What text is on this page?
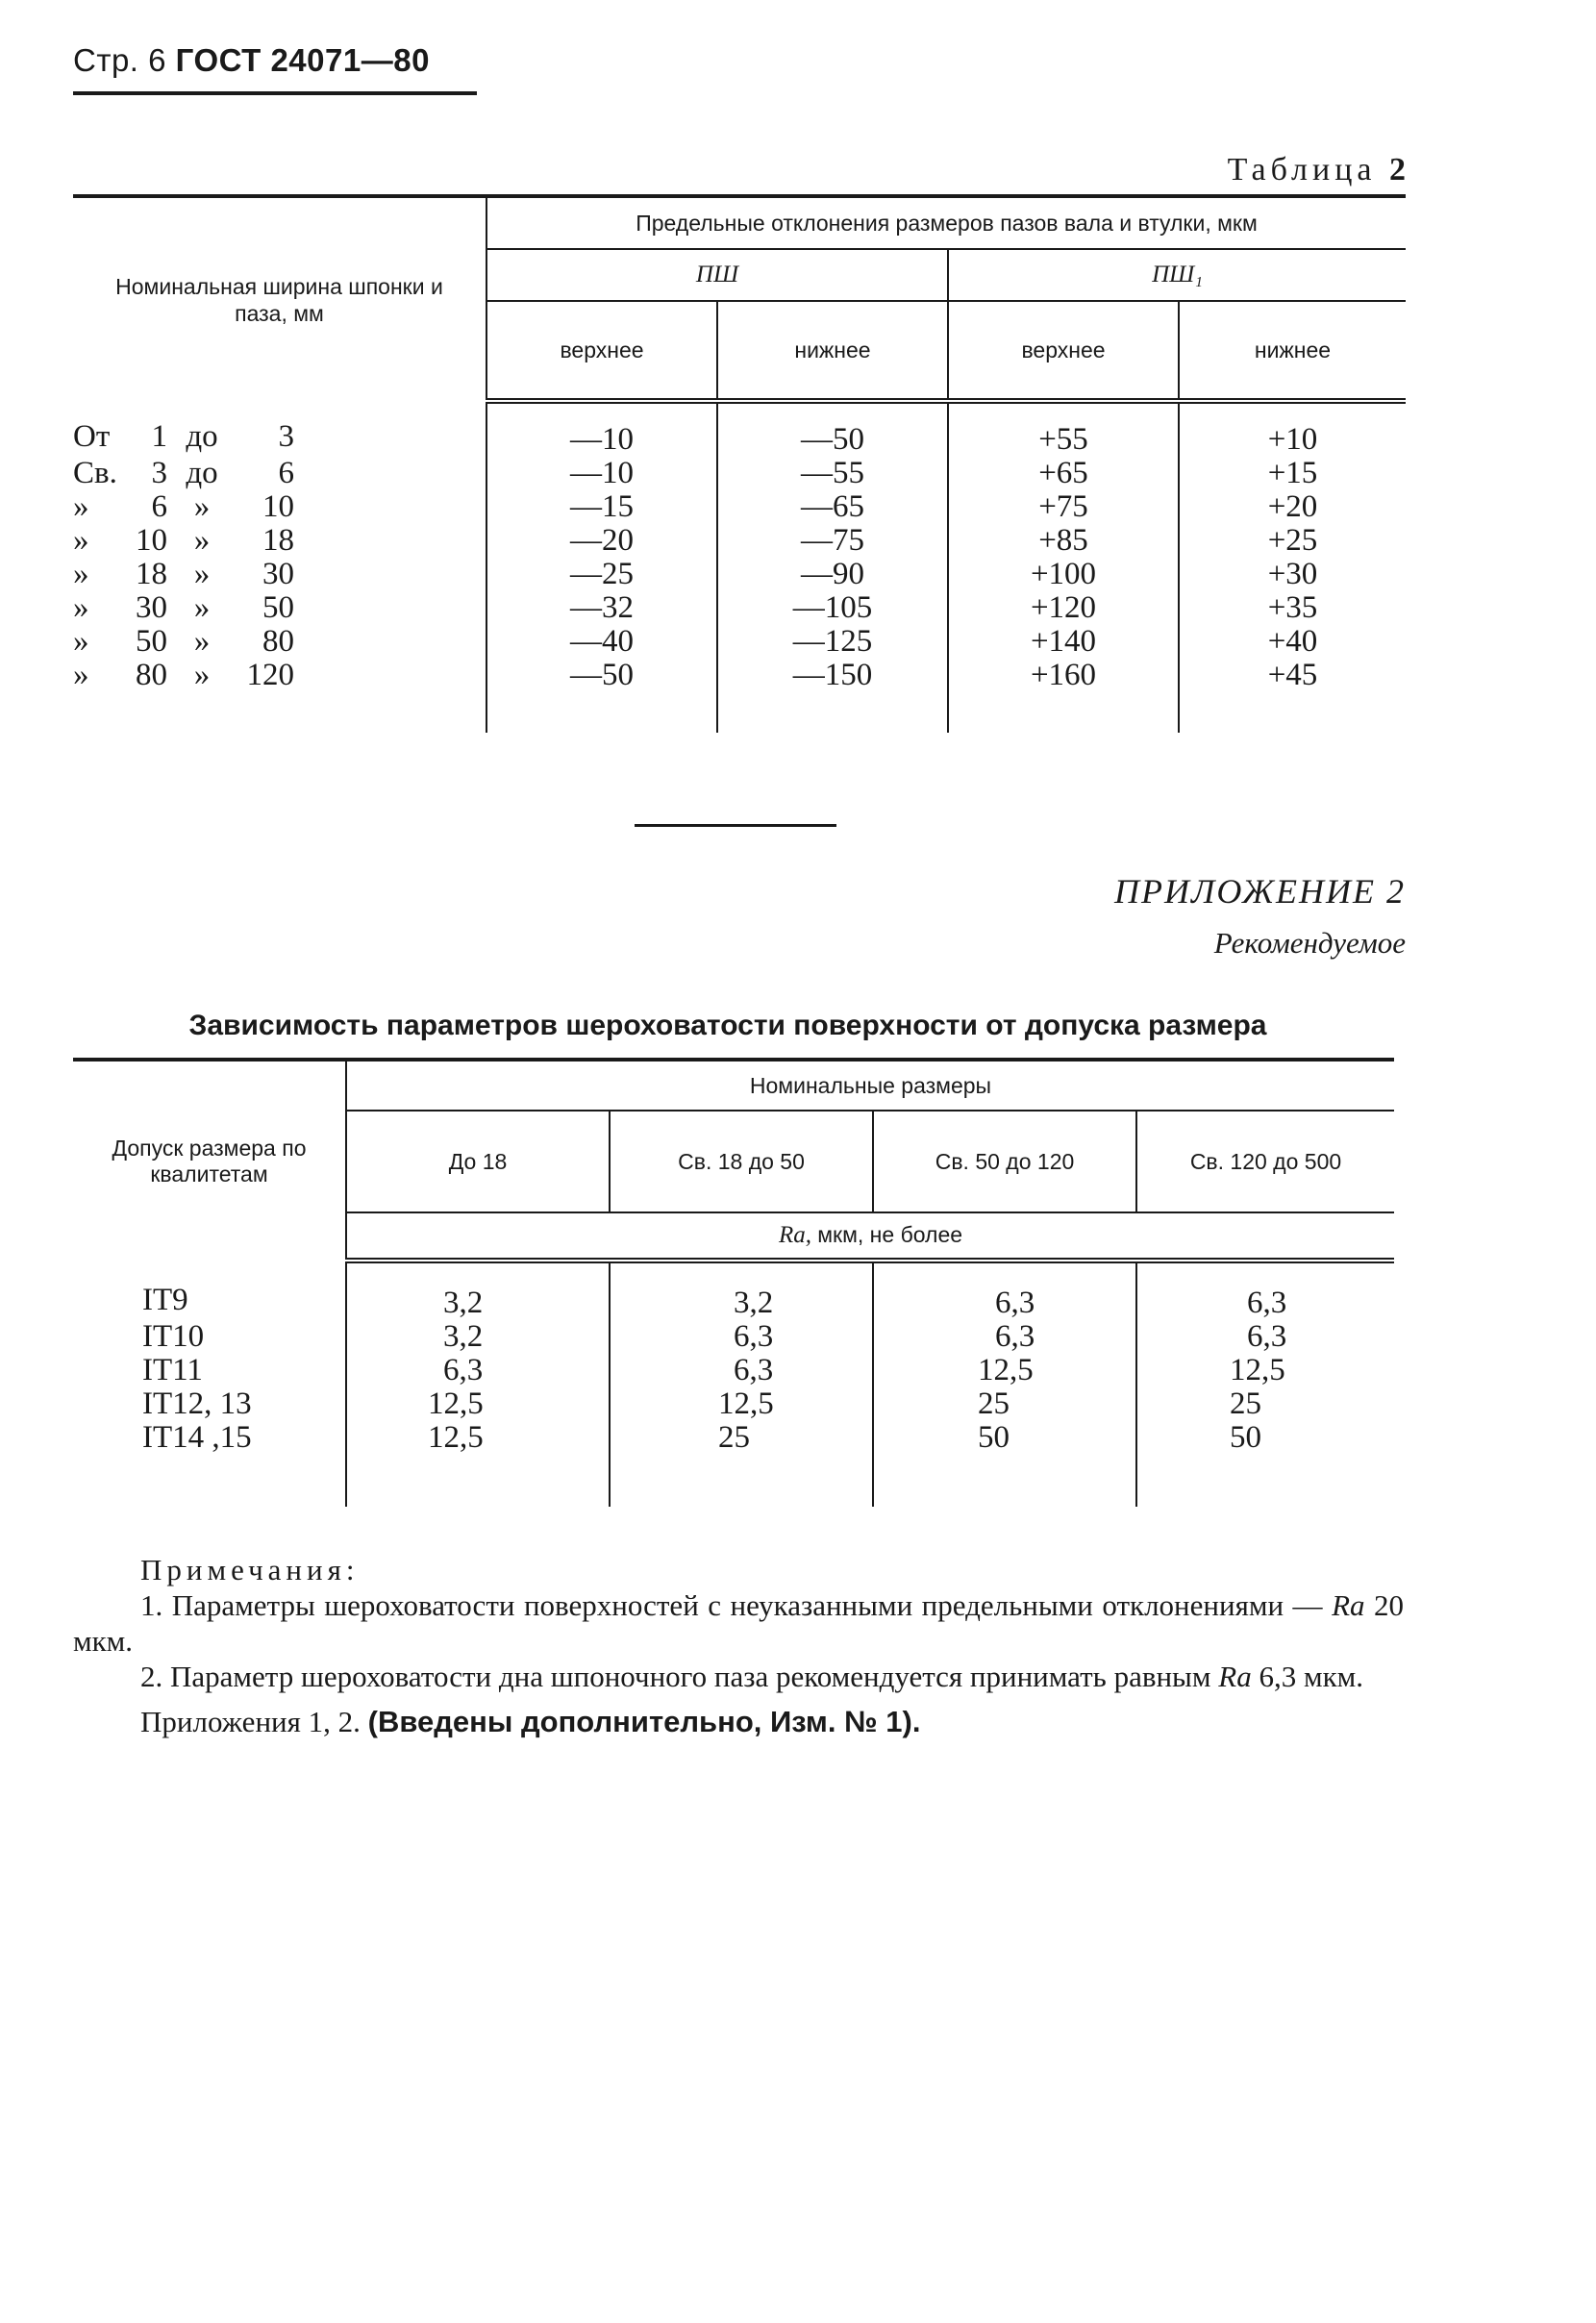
Стр. 6 ГОСТ 24071—80
Таблица 2
Номинальная ширина шпонки и паза, мм	Предельные отклонения размеров пазов вала и втулки, мкм			
	ПШ		ПШ₁	
	верхнее	нижнее	верхнее	нижнее

От 1 до 3	—10	—50	+55	+10

Св. 3 до 6	—10	—55	+65	+15

» 6 » 10	—15	—65	+75	+20

» 10 » 18	—20	—75	+85	+25

» 18 » 30	—25	—90	+100	+30

» 30 » 50	—32	—105	+120	+35

» 50 » 80	—40	—125	+140	+40

» 80 » 120	—50	—150	+160	+45
ПРИЛОЖЕНИЕ 2
Рекомендуемое
Зависимость параметров шероховатости поверхности от допуска размера
Допуск размера по квалитетам	Номинальные размеры			
	До 18	Св. 18 до 50	Св. 50 до 120	Св. 120 до 500
	Ra, мкм, не более			
IT9	3,2	3,2	6,3	6,3
IT10	3,2	6,3	6,3	6,3
IT11	6,3	6,3	12,5	12,5
IT12, 13	12,5	12,5	25	25
IT14 ,15	12,5	25	50	50

Примечания:

1. Параметры шероховатости поверхностей с неуказанными предельными отклонениями — Ra 20 мкм.

2. Параметр шероховатости дна шпоночного паза рекомендуется принимать равным Ra 6,3 мкм.

Приложения 1, 2. (Введены дополнительно, Изм. № 1).
